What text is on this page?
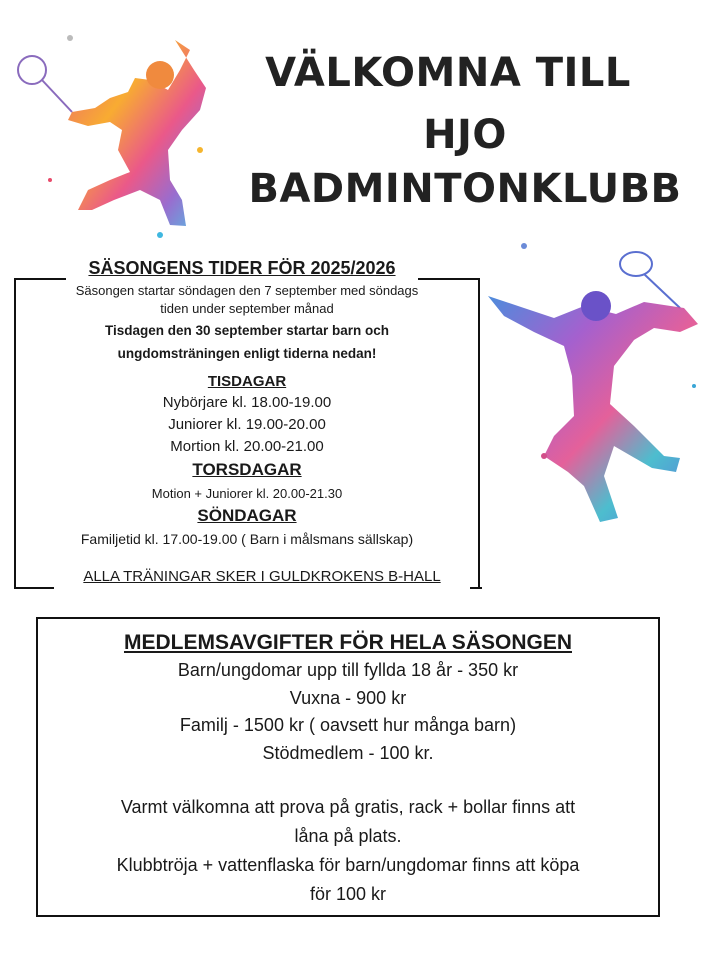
VÄLKOMNA TILL
HJO
BADMINTONKLUBB
SÄSONGENS TIDER FÖR 2025/2026
Säsongen startar söndagen den 7 september med söndags
tiden under september månad
Tisdagen den 30 september startar barn och
ungdomsträningen enligt tiderna nedan!
TISDAGAR
Nybörjare kl. 18.00-19.00
Juniorer kl. 19.00-20.00
Mortion kl. 20.00-21.00
TORSDAGAR
Motion + Juniorer kl. 20.00-21.30
SÖNDAGAR
Familjetid kl. 17.00-19.00 ( Barn i målsmans sällskap)
ALLA TRÄNINGAR SKER I GULDKROKENS B-HALL
MEDLEMSAVGIFTER FÖR HELA SÄSONGEN
Barn/ungdomar upp till fyllda 18 år - 350 kr
Vuxna - 900 kr
Familj - 1500 kr ( oavsett hur många barn)
Stödmedlem - 100 kr.
Varmt välkomna att prova på gratis, rack + bollar finns att
låna på plats.
Klubbtröja + vattenflaska för barn/ungdomar finns att köpa
för 100 kr
